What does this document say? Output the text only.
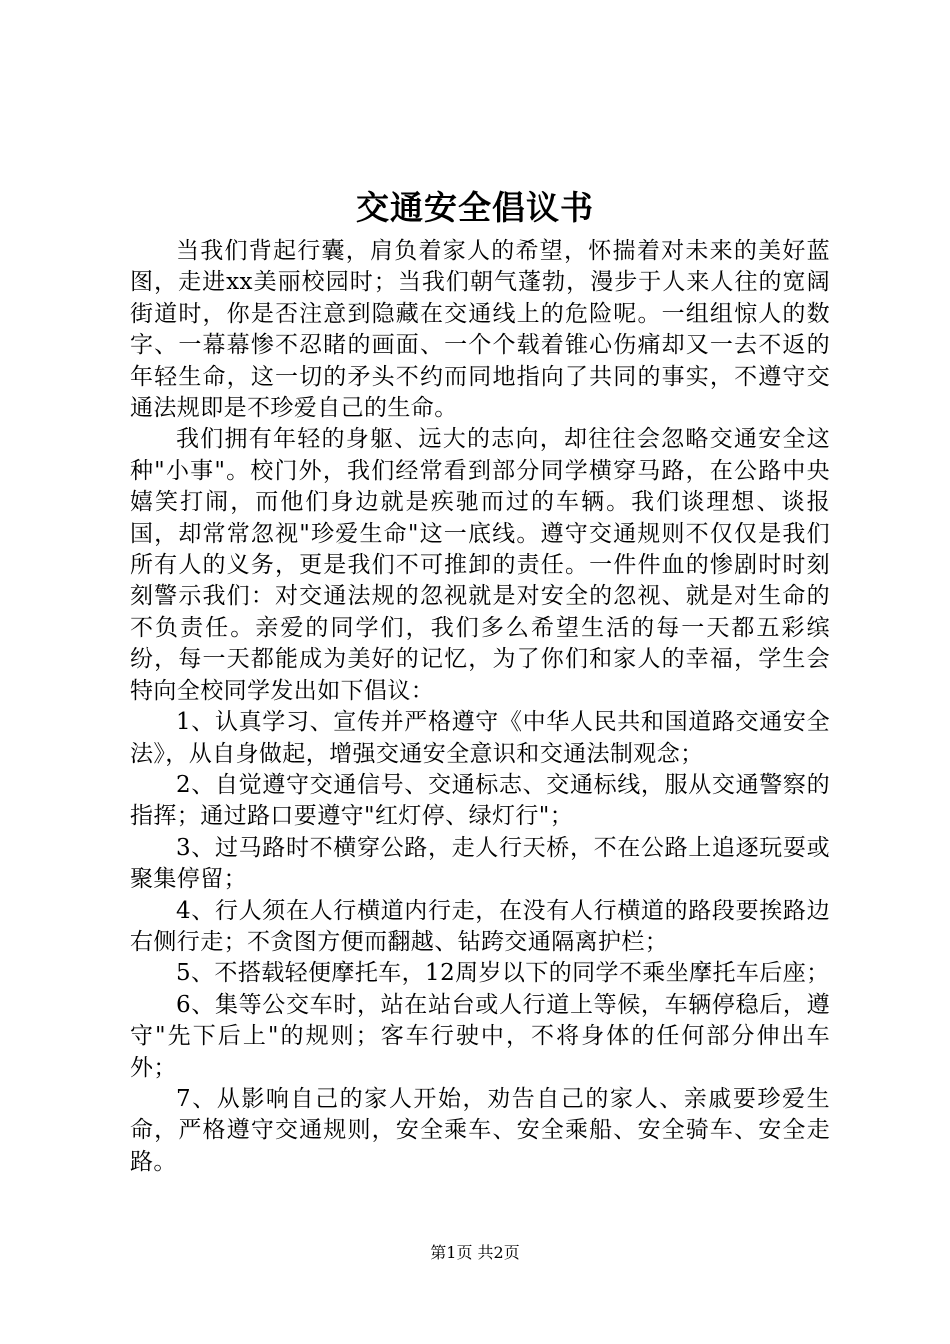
交通安全倡议书

当我们背起行囊，肩负着家人的希望，怀揣着对未来的美好蓝图，走进xx美丽校园时；当我们朝气蓬勃，漫步于人来人往的宽阔街道时，你是否注意到隐藏在交通线上的危险呢。一组组惊人的数字、一幕幕惨不忍睹的画面、一个个载着锥心伤痛却又一去不返的年轻生命，这一切的矛头不约而同地指向了共同的事实，不遵守交通法规即是不珍爱自己的生命。

我们拥有年轻的身躯、远大的志向，却往往会忽略交通安全这种"小事"。校门外，我们经常看到部分同学横穿马路，在公路中央嬉笑打闹，而他们身边就是疾驰而过的车辆。我们谈理想、谈报国，却常常忽视"珍爱生命"这一底线。遵守交通规则不仅仅是我们所有人的义务，更是我们不可推卸的责任。一件件血的惨剧时时刻刻警示我们：对交通法规的忽视就是对安全的忽视、就是对生命的不负责任。亲爱的同学们，我们多么希望生活的每一天都五彩缤纷，每一天都能成为美好的记忆，为了你们和家人的幸福，学生会特向全校同学发出如下倡议：

1、认真学习、宣传并严格遵守《中华人民共和国道路交通安全法》，从自身做起，增强交通安全意识和交通法制观念；

2、自觉遵守交通信号、交通标志、交通标线，服从交通警察的指挥；通过路口要遵守"红灯停、绿灯行"；

3、过马路时不横穿公路，走人行天桥，不在公路上追逐玩耍或聚集停留；

4、行人须在人行横道内行走，在没有人行横道的路段要挨路边右侧行走；不贪图方便而翻越、钻跨交通隔离护栏；

5、不搭载轻便摩托车，12周岁以下的同学不乘坐摩托车后座；

6、集等公交车时，站在站台或人行道上等候，车辆停稳后，遵守"先下后上"的规则；客车行驶中，不将身体的任何部分伸出车外；

7、从影响自己的家人开始，劝告自己的家人、亲戚要珍爱生命，严格遵守交通规则，安全乘车、安全乘船、安全骑车、安全走路。

第1页 共2页
